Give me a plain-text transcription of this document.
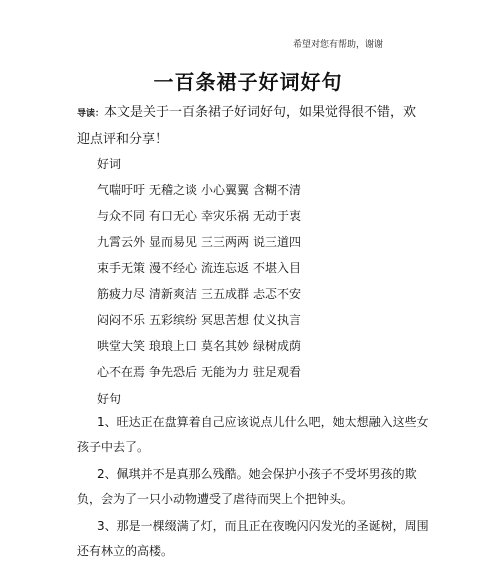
希望对您有帮助，谢谢
一百条裙子好词好句
导读：本文是关于一百条裙子好词好句，如果觉得很不错，欢迎点评和分享！
好词
气喘吁吁 无稽之谈 小心翼翼 含糊不清
与众不同 有口无心 幸灾乐祸 无动于衷
九霄云外 显而易见 三三两两 说三道四
束手无策 漫不经心 流连忘返 不堪入目
筋疲力尽 清新爽洁 三五成群 忐忑不安
闷闷不乐 五彩缤纷 冥思苦想 仗义执言
哄堂大笑 琅琅上口 莫名其妙 绿树成荫
心不在焉 争先恐后 无能为力 驻足观看
好句
1、旺达正在盘算着自己应该说点儿什么吧，她太想融入这些女孩子中去了。
2、佩琪并不是真那么残酷。她会保护小孩子不受坏男孩的欺负，会为了一只小动物遭受了虐待而哭上个把钟头。
3、那是一棵缀满了灯，而且正在夜晚闪闪发光的圣诞树，周围还有林立的高楼。
